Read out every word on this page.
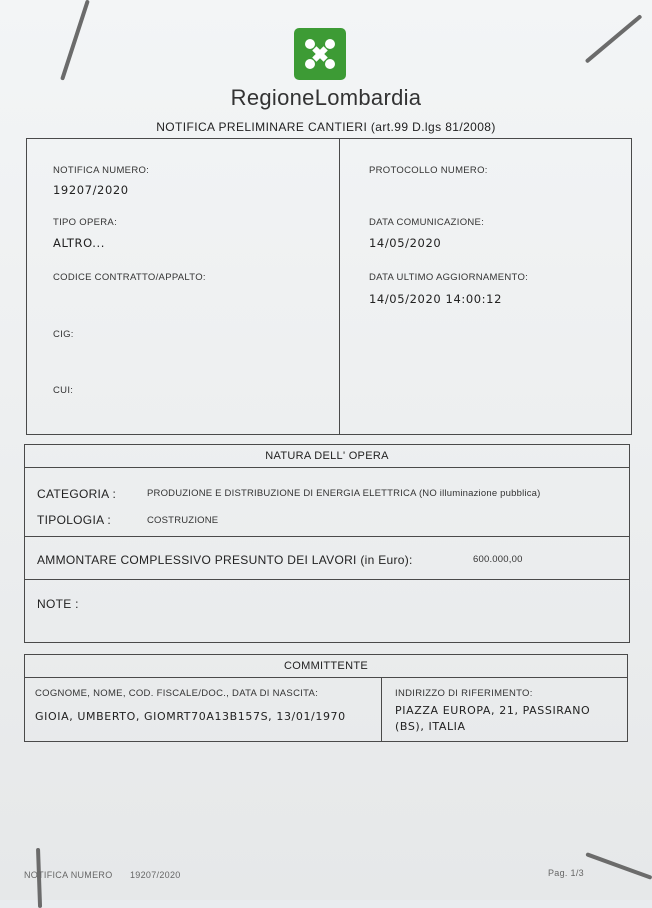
RegioneLombardia
NOTIFICA PRELIMINARE CANTIERI (art.99 D.lgs 81/2008)
NOTIFICA NUMERO:
19207/2020
TIPO OPERA:
ALTRO...
CODICE CONTRATTO/APPALTO:
CIG:
CUI:
PROTOCOLLO NUMERO:
DATA COMUNICAZIONE:
14/05/2020
DATA ULTIMO AGGIORNAMENTO:
14/05/2020 14:00:12
NATURA DELL' OPERA
CATEGORIA :	PRODUZIONE E DISTRIBUZIONE DI ENERGIA ELETTRICA (NO illuminazione pubblica)
TIPOLOGIA :	COSTRUZIONE
AMMONTARE COMPLESSIVO PRESUNTO DEI LAVORI (in Euro):	600.000,00
NOTE :
COMMITTENTE
COGNOME, NOME, COD. FISCALE/DOC., DATA DI NASCITA:
GIOIA, UMBERTO, GIOMRT70A13B157S, 13/01/1970
INDIRIZZO DI RIFERIMENTO:
PIAZZA EUROPA, 21, PASSIRANO
(BS), ITALIA
NOTIFICA NUMERO 19207/2020	Pag. 1/3
